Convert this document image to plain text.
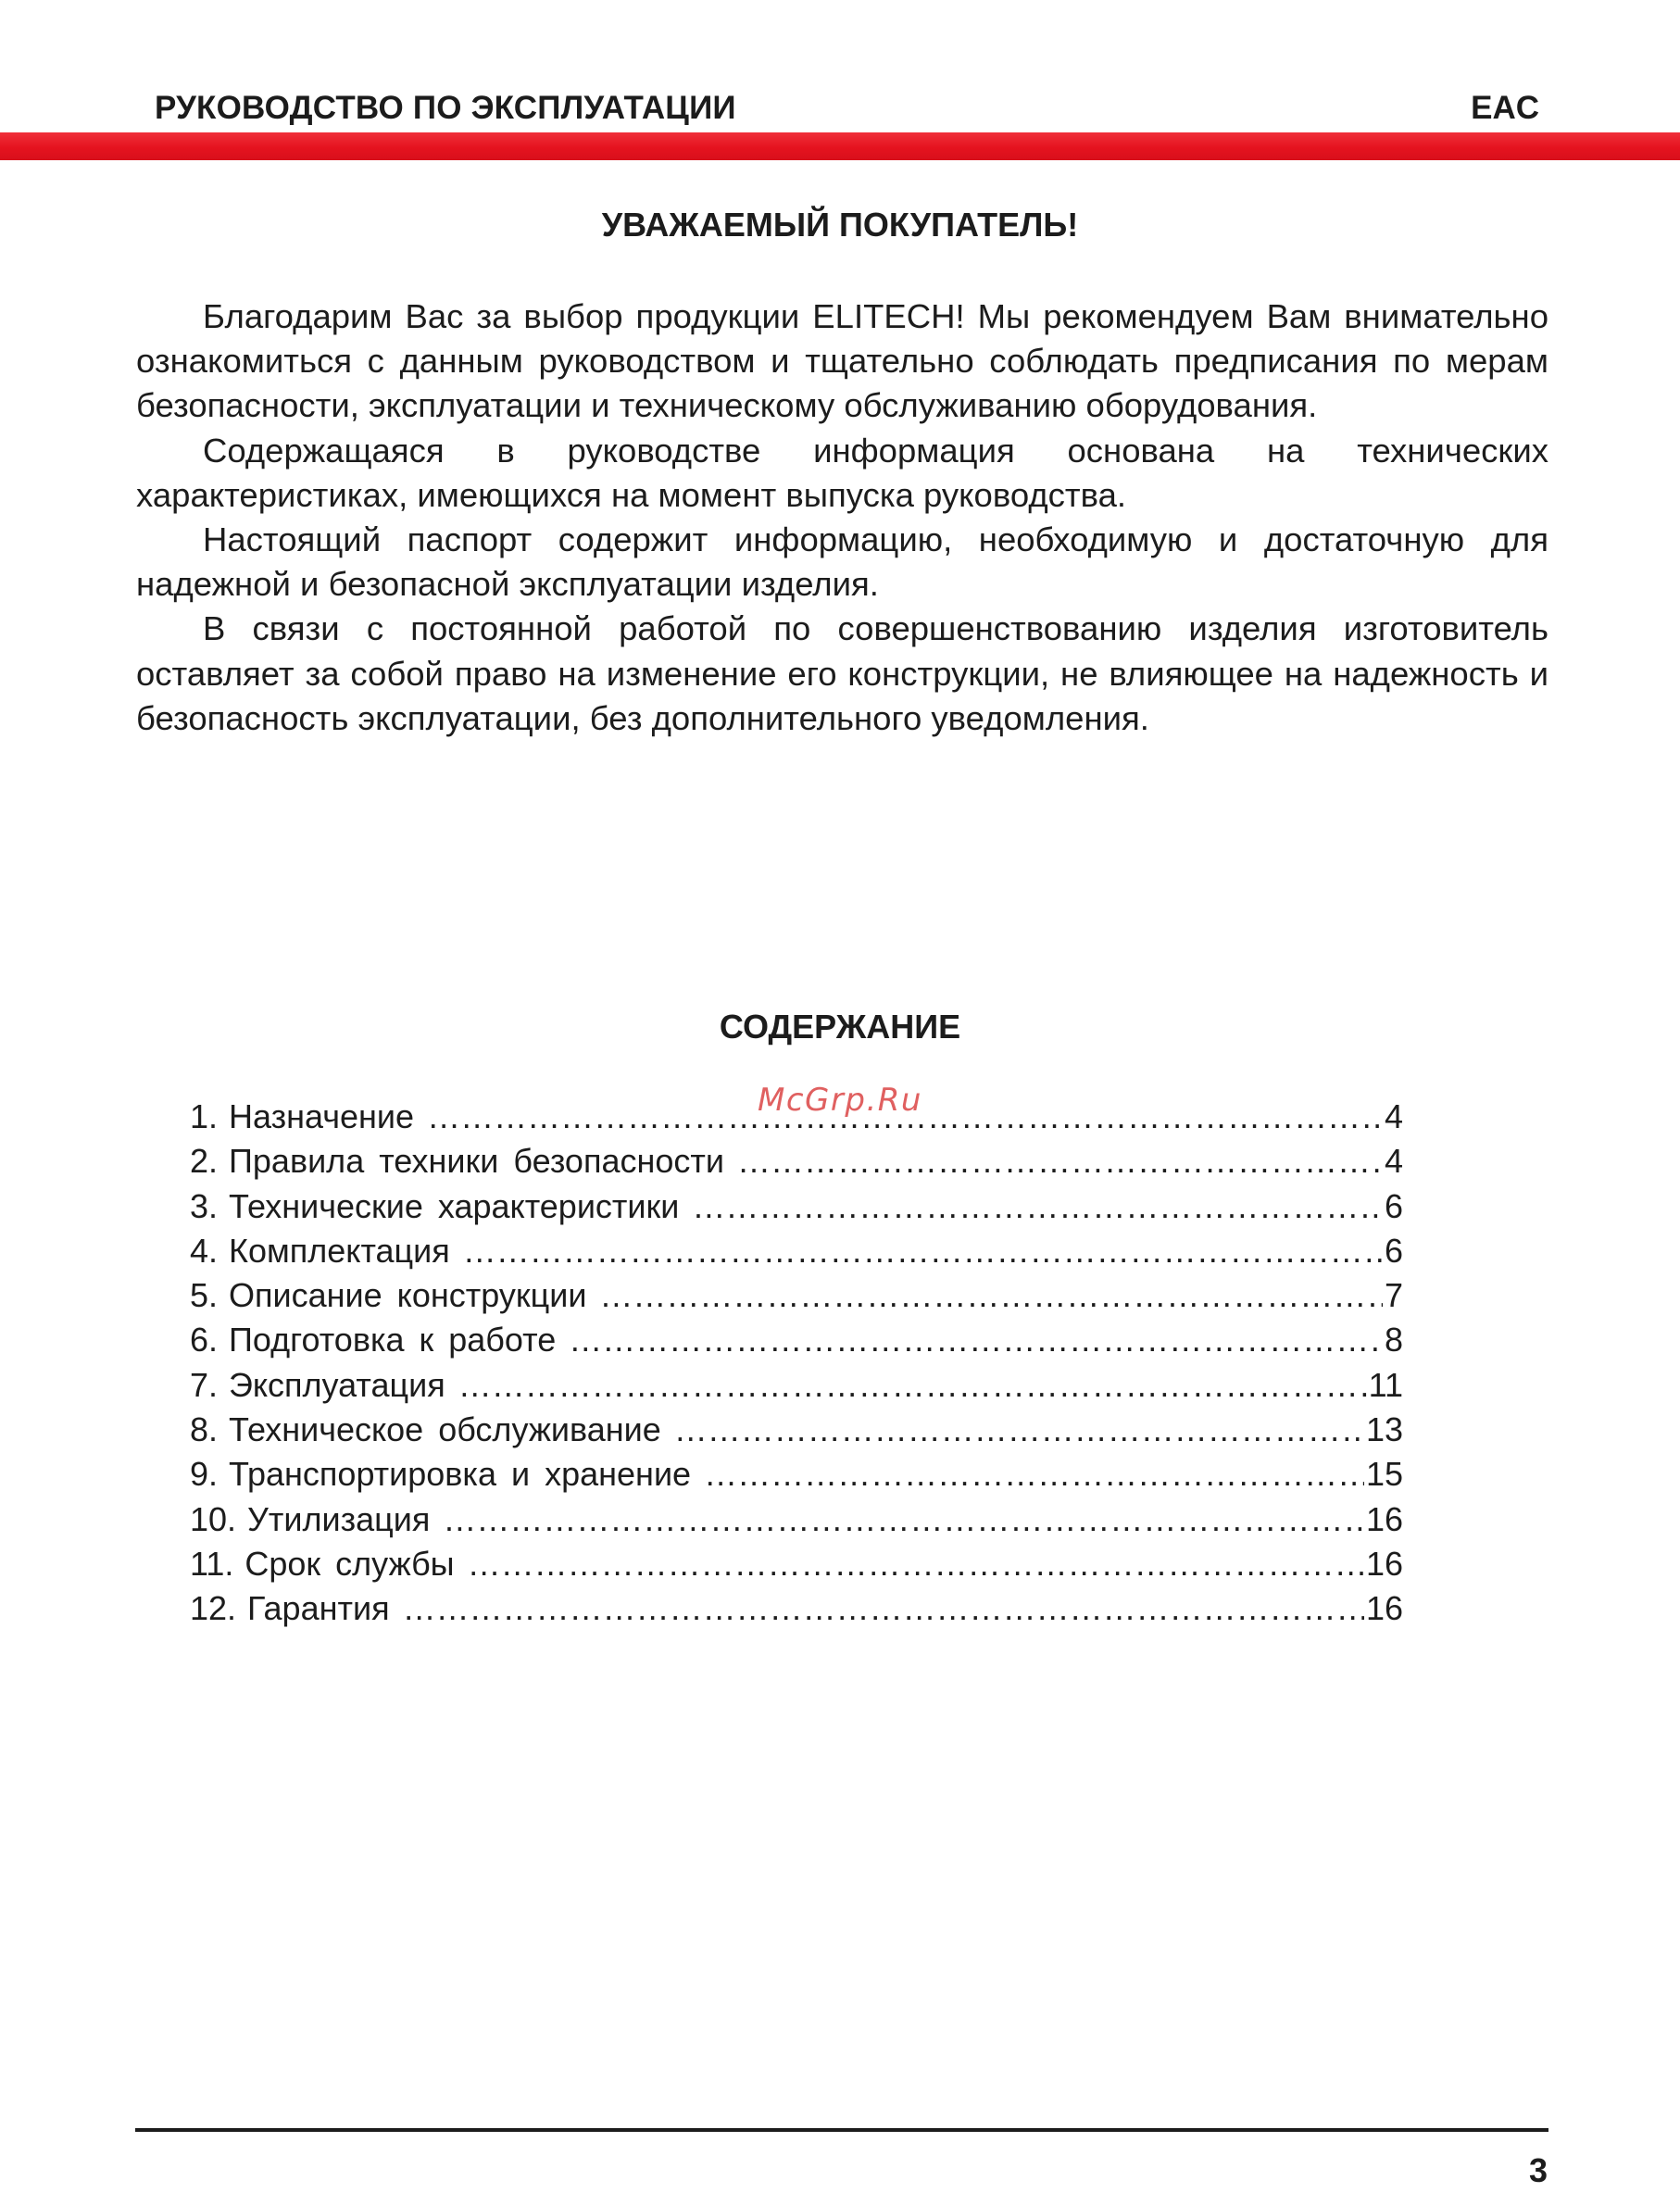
РУКОВОДСТВО ПО ЭКСПЛУАТАЦИИ	EAC
УВАЖАЕМЫЙ ПОКУПАТЕЛЬ!

Благодарим Вас за выбор продукции ELITECH! Мы рекомендуем Вам внимательно ознакомиться с данным руководством и тщательно соблюдать предписания по мерам безопасности, эксплуатации и техническому обслуживанию оборудования.

Содержащаяся в руководстве информация основана на технических характеристиках, имеющихся на момент выпуска руководства.

Настоящий паспорт содержит информацию, необходимую и достаточную для надежной и безопасной эксплуатации изделия.

В связи с постоянной работой по совершенствованию изделия изготовитель оставляет за собой право на изменение его конструкции, не влияющее на надежность и безопасность эксплуатации, без дополнительного уведомления.

СОДЕРЖАНИЕ
McGrp.Ru
1. Назначение ……………………………………………………………………………………………………………………………………………………………………	4
2. Правила техники безопасности ……………………………………………………………………………………………………………………………………………………………………	4
3. Технические характеристики ……………………………………………………………………………………………………………………………………………………………………	6
4. Комплектация ……………………………………………………………………………………………………………………………………………………………………	6
5. Описание конструкции ……………………………………………………………………………………………………………………………………………………………………	7
6. Подготовка к работе ……………………………………………………………………………………………………………………………………………………………………	8
7. Эксплуатация ……………………………………………………………………………………………………………………………………………………………………	11
8. Техническое обслуживание ……………………………………………………………………………………………………………………………………………………………………	13
9. Транспортировка и хранение ……………………………………………………………………………………………………………………………………………………………………	15
10. Утилизация ……………………………………………………………………………………………………………………………………………………………………	16
11. Срок службы ……………………………………………………………………………………………………………………………………………………………………	16
12. Гарантия ……………………………………………………………………………………………………………………………………………………………………	16
3
